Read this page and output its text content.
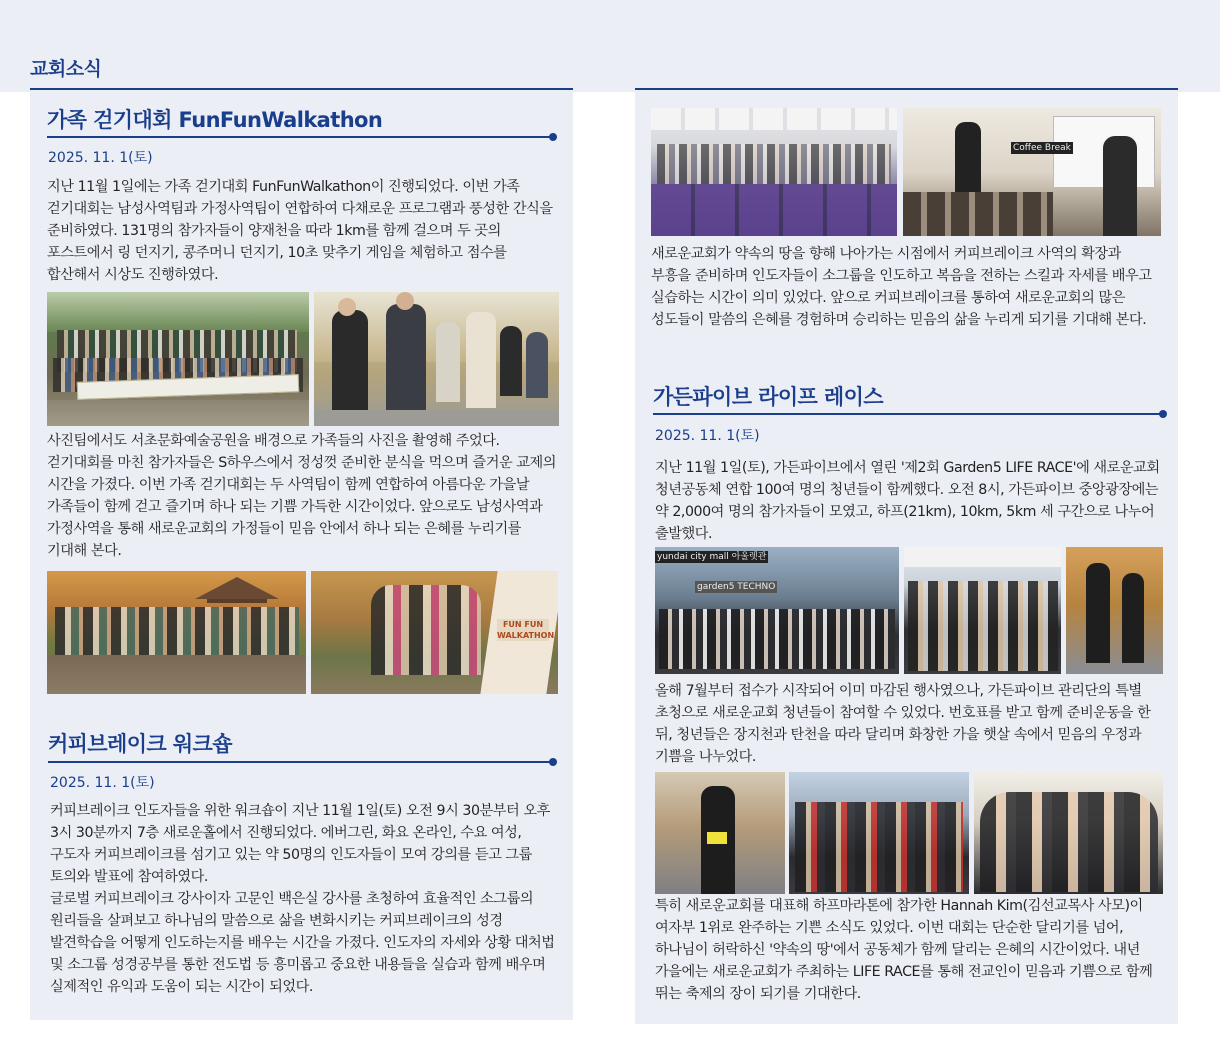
교회소식
가족 걷기대회 FunFunWalkathon
2025. 11. 1(토)
지난 11월 1일에는 가족 걷기대회 FunFunWalkathon이 진행되었다. 이번 가족 걷기대회는 남성사역팀과 가정사역팀이 연합하여 다채로운 프로그램과 풍성한 간식을 준비하였다. 131명의 참가자들이 양재천을 따라 1km를 함께 걸으며 두 곳의 포스트에서 링 던지기, 콩주머니 던지기, 10초 맞추기 게임을 체험하고 점수를 합산해서 시상도 진행하였다.
사진팀에서도 서초문화예술공원을 배경으로 가족들의 사진을 촬영해 주었다. 걷기대회를 마친 참가자들은 S하우스에서 정성껏 준비한 분식을 먹으며 즐거운 교제의 시간을 가졌다. 이번 가족 걷기대회는 두 사역팀이 함께 연합하여 아름다운 가을날 가족들이 함께 걷고 즐기며 하나 되는 기쁨 가득한 시간이었다. 앞으로도 남성사역과 가정사역을 통해 새로운교회의 가정들이 믿음 안에서 하나 되는 은혜를 누리기를 기대해 본다.
FUN FUN WALKATHON
커피브레이크 워크숍
2025. 11. 1(토)
커피브레이크 인도자들을 위한 워크숍이 지난 11월 1일(토) 오전 9시 30분부터 오후 3시 30분까지 7층 새로운홀에서 진행되었다. 에버그린, 화요 온라인, 수요 여성, 구도자 커피브레이크를 섬기고 있는 약 50명의 인도자들이 모여 강의를 듣고 그룹 토의와 발표에 참여하였다.
글로벌 커피브레이크 강사이자 고문인 백은실 강사를 초청하여 효율적인 소그룹의 원리들을 살펴보고 하나님의 말씀으로 삶을 변화시키는 커피브레이크의 성경 발견학습을 어떻게 인도하는지를 배우는 시간을 가졌다. 인도자의 자세와 상황 대처법 및 소그룹 성경공부를 통한 전도법 등 흥미롭고 중요한 내용들을 실습과 함께 배우며 실제적인 유익과 도움이 되는 시간이 되었다.
Coffee Break
새로운교회가 약속의 땅을 향해 나아가는 시점에서 커피브레이크 사역의 확장과 부흥을 준비하며 인도자들이 소그룹을 인도하고 복음을 전하는 스킬과 자세를 배우고 실습하는 시간이 의미 있었다. 앞으로 커피브레이크를 통하여 새로운교회의 많은 성도들이 말씀의 은혜를 경험하며 승리하는 믿음의 삶을 누리게 되기를 기대해 본다.
가든파이브 라이프 레이스
2025. 11. 1(토)
지난 11월 1일(토), 가든파이브에서 열린 '제2회 Garden5 LIFE RACE'에 새로운교회 청년공동체 연합 100여 명의 청년들이 함께했다. 오전 8시, 가든파이브 중앙광장에는 약 2,000여 명의 참가자들이 모였고, 하프(21km), 10km, 5km 세 구간으로 나누어 출발했다.
yundai city mall 아울렛관
garden5 TECHNO
올해 7월부터 접수가 시작되어 이미 마감된 행사였으나, 가든파이브 관리단의 특별 초청으로 새로운교회 청년들이 참여할 수 있었다. 번호표를 받고 함께 준비운동을 한 뒤, 청년들은 장지천과 탄천을 따라 달리며 화창한 가을 햇살 속에서 믿음의 우정과 기쁨을 나누었다.
특히 새로운교회를 대표해 하프마라톤에 참가한 Hannah Kim(김선교목사 사모)이 여자부 1위로 완주하는 기쁜 소식도 있었다. 이번 대회는 단순한 달리기를 넘어, 하나님이 허락하신 '약속의 땅'에서 공동체가 함께 달리는 은혜의 시간이었다. 내년 가을에는 새로운교회가 주최하는 LIFE RACE를 통해 전교인이 믿음과 기쁨으로 함께 뛰는 축제의 장이 되기를 기대한다.
